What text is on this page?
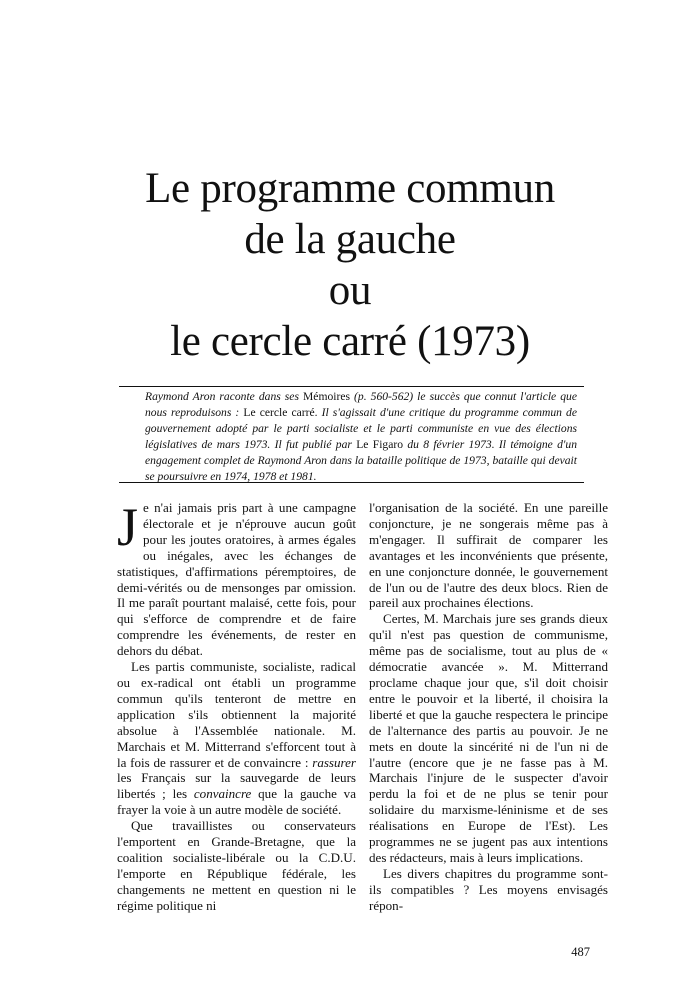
Le programme commun
de la gauche
ou
le cercle carré (1973)

Raymond Aron raconte dans ses Mémoires (p. 560-562) le succès que connut l'article que nous reproduisons : Le cercle carré. Il s'agissait d'une critique du programme commun de gouvernement adopté par le parti socialiste et le parti communiste en vue des élections législatives de mars 1973. Il fut publié par Le Figaro du 8 février 1973. Il témoigne d'un engagement complet de Raymond Aron dans la bataille politique de 1973, bataille qui devait se poursuivre en 1974, 1978 et 1981.

Je n'ai jamais pris part à une campagne électorale et je n'éprouve aucun goût pour les joutes oratoires, à armes égales ou inégales, avec les échanges de statistiques, d'affirmations péremptoires, de demi-vérités ou de mensonges par omission. Il me paraît pourtant malaisé, cette fois, pour qui s'efforce de comprendre et de faire comprendre les événements, de rester en dehors du débat.

Les partis communiste, socialiste, radical ou ex-radical ont établi un programme commun qu'ils tenteront de mettre en application s'ils obtiennent la majorité absolue à l'Assemblée nationale. M. Marchais et M. Mitterrand s'efforcent tout à la fois de rassurer et de convaincre : rassurer les Français sur la sauvegarde de leurs libertés ; les convaincre que la gauche va frayer la voie à un autre modèle de société.

Que travaillistes ou conservateurs l'emportent en Grande-Bretagne, que la coalition socialiste-libérale ou la C.D.U. l'emporte en République fédérale, les changements ne mettent en question ni le régime politique ni

l'organisation de la société. En une pareille conjoncture, je ne songerais même pas à m'engager. Il suffirait de comparer les avantages et les inconvénients que présente, en une conjoncture donnée, le gouvernement de l'un ou de l'autre des deux blocs. Rien de pareil aux prochaines élections.

Certes, M. Marchais jure ses grands dieux qu'il n'est pas question de communisme, même pas de socialisme, tout au plus de « démocratie avancée ». M. Mitterrand proclame chaque jour que, s'il doit choisir entre le pouvoir et la liberté, il choisira la liberté et que la gauche respectera le principe de l'alternance des partis au pouvoir. Je ne mets en doute la sincérité ni de l'un ni de l'autre (encore que je ne fasse pas à M. Marchais l'injure de le suspecter d'avoir perdu la foi et de ne plus se tenir pour solidaire du marxisme-léninisme et de ses réalisations en Europe de l'Est). Les programmes ne se jugent pas aux intentions des rédacteurs, mais à leurs implications.

Les divers chapitres du programme sont-ils compatibles ? Les moyens envisagés répon-

487
